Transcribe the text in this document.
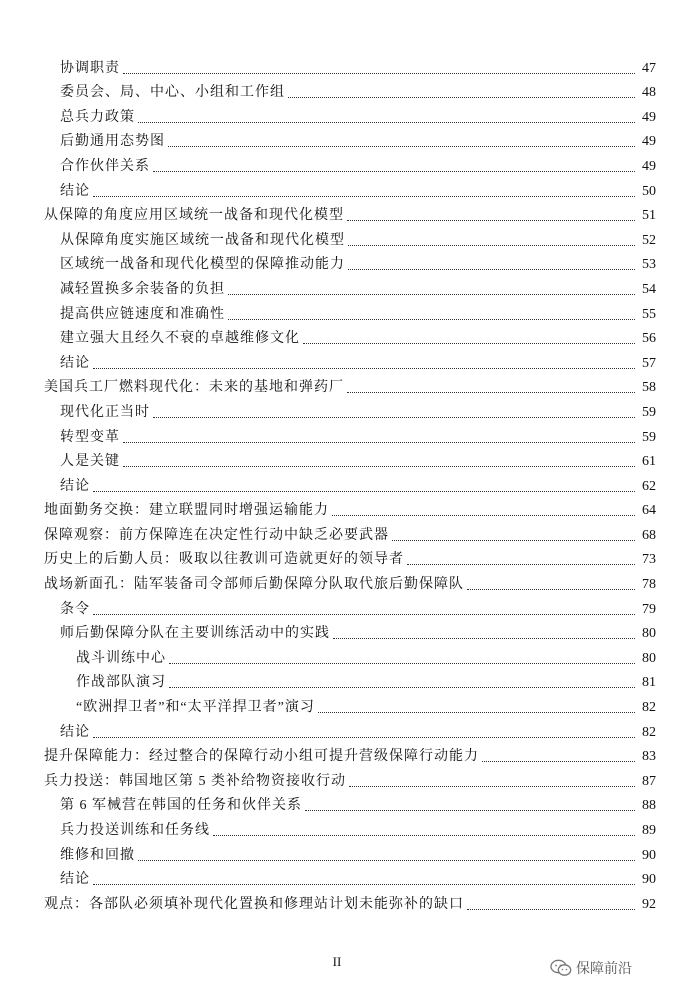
协调职责	47
委员会、局、中心、小组和工作组	48
总兵力政策	49
后勤通用态势图	49
合作伙伴关系	49
结论	50
从保障的角度应用区域统一战备和现代化模型	51
从保障角度实施区域统一战备和现代化模型	52
区域统一战备和现代化模型的保障推动能力	53
减轻置换多余装备的负担	54
提高供应链速度和准确性	55
建立强大且经久不衰的卓越维修文化	56
结论	57
美国兵工厂燃料现代化：未来的基地和弹药厂	58
现代化正当时	59
转型变革	59
人是关键	61
结论	62
地面勤务交换：建立联盟同时增强运输能力	64
保障观察：前方保障连在决定性行动中缺乏必要武器	68
历史上的后勤人员：吸取以往教训可造就更好的领导者	73
战场新面孔：陆军装备司令部师后勤保障分队取代旅后勤保障队	78
条令	79
师后勤保障分队在主要训练活动中的实践	80
战斗训练中心	80
作战部队演习	81
“欧洲捍卫者”和“太平洋捍卫者”演习	82
结论	82
提升保障能力：经过整合的保障行动小组可提升营级保障行动能力	83
兵力投送：韩国地区第 5 类补给物资接收行动	87
第 6 军械营在韩国的任务和伙伴关系	88
兵力投送训练和任务线	89
维修和回撤	90
结论	90
观点：各部队必须填补现代化置换和修理站计划未能弥补的缺口	92
II	保障前沿
